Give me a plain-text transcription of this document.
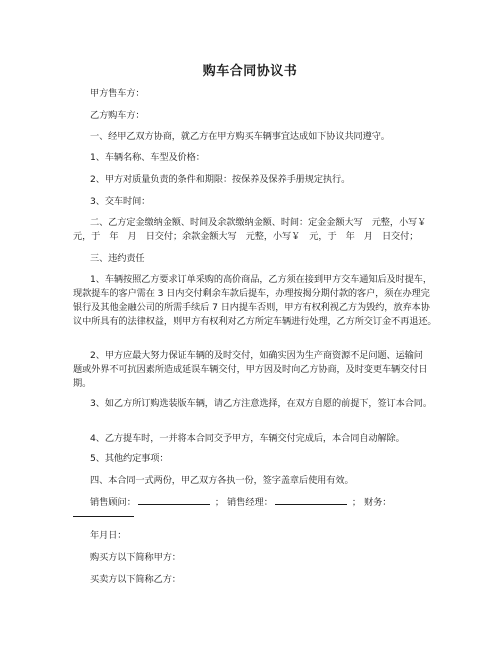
购车合同协议书
甲方售车方：
乙方购车方：
一、经甲乙双方协商，就乙方在甲方购买车辆事宜达成如下协议共同遵守。
1、车辆名称、车型及价格：
2、甲方对质量负责的条件和期限：按保养及保养手册规定执行。
3、交车时间：
二、乙方定金缴纳金额、时间及余款缴纳金额、时间：定金金额大写　元整，小写￥
元，于　年　月　日交付；余款金额大写　元整，小写￥　元，于　年　月　日交付；
三、违约责任
1、车辆按照乙方要求订单采购的高价商品，乙方须在接到甲方交车通知后及时提车，
现款提车的客户需在 3 日内交付剩余车款后提车，办理按揭分期付款的客户，须在办理完
银行及其他金融公司的所需手续后 7 日内提车否则，甲方有权利视乙方为毁约，放弃本协
议中所具有的法律权益，则甲方有权利对乙方所定车辆进行处理，乙方所交订金不再退还。
2、甲方应最大努力保证车辆的及时交付，如确实因为生产商资源不足问题、运输问
题或外界不可抗因素所造成延误车辆交付，甲方因及时向乙方协商，及时变更车辆交付日
期。
3、如乙方所订购选装版车辆，请乙方注意选择，在双方自愿的前提下，签订本合同。
4、乙方提车时，一并将本合同交予甲方，车辆交付完成后，本合同自动解除。
5、其他约定事项：
四、本合同一式两份，甲乙双方各执一份，签字盖章后使用有效。
年月日：
购买方以下简称甲方：
买卖方以下简称乙方：
销售顾问：	； 销售经理：	； 财务：
